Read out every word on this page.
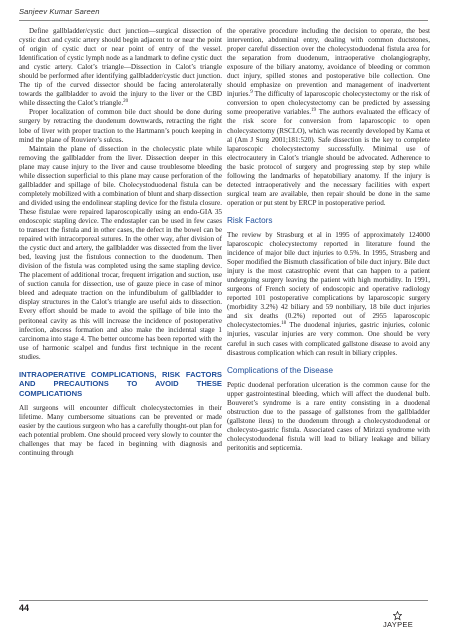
Sanjeev Kumar Sareen

Define gallbladder/cystic duct junction—surgical dissection of cystic duct and cystic artery should begin adjacent to or near the point of origin of cystic duct or near point of entry of the vessel. Identification of cystic lymph node as a landmark to define cystic duct and cystic artery. Calot’s triangle—Dissection in Calot’s triangle should be performed after identifying gallbladder/cystic duct junction. The tip of the curved dissector should be facing anterolaterally towards the gallbladder to avoid the injury to the liver or the CBD while dissecting the Calot’s triangle.$^{20}$

Proper localization of common bile duct should be done during surgery by retracting the duodenum downwards, retracting the right lobe of liver with proper traction to the Hartmann’s pouch keeping in mind the plane of Rouviere’s sulcus.

Maintain the plane of dissection in the cholecystic plate while removing the gallbladder from the liver. Dissection deeper in this plane may cause injury to the liver and cause troublesome bleeding while dissection superficial to this plane may cause perforation of the gallbladder and spillage of bile. Cholecystoduodenal fistula can be completely mobilized with a combination of blunt and sharp dissection and divided using the endolinear stapling device for the fistula closure. These fistulae were repaired laparoscopically using an endo-GIA 35 endoscopic stapling device. The endostapler can be used in few cases to transect the fistula and in other cases, the defect in the bowel can be repaired with intracorporeal sutures. In the other way, after division of the cystic duct and artery, the gallbladder was dissected from the liver bed, leaving just the fistulous connection to the duodenum. Then division of the fistula was completed using the same stapling device. The placement of additional trocar, frequent irrigation and suction, use of suction canula for dissection, use of gauze piece in case of minor bleed and adequate traction on the infundibulum of gallbladder to display structures in the Calot’s triangle are useful aids to dissection. Every effort should be made to avoid the spillage of bile into the peritoneal cavity as this will increase the incidence of postoperative infection, abscess formation and also make the incidental stage 1 carcinoma into stage 4. The better outcome has been reported with the use of harmonic scalpel and fundus first technique in the recent studies.

INTRAOPERATIVE COMPLICATIONS, RISK FACTORS AND PRECAUTIONS TO AVOID THESE COMPLICATIONS

All surgeons will encounter difficult cholecystectomies in their lifetime. Many cumbersome situations can be prevented or made easier by the cautious surgeon who has a carefully thought-out plan for each potential problem. One should proceed very slowly to counter the challenges that may be faced in beginning with diagnosis and continuing through

the operative procedure including the decision to operate, the best intervention, abdominal entry, dealing with common ductstones, proper careful dissection over the cholecystoduodenal fistula area for the separation from duodenum, intraoperative cholangiography, exposure of the biliary anatomy, avoidance of bleeding or common duct injury, spilled stones and postoperative bile collection. One should emphasize on prevention and management of inadvertent injuries.$^9$ The difficulty of laparoscopic cholecystectomy or the risk of conversion to open cholecystectomy can be predicted by assessing some preoperative variables.$^{19}$ The authors evaluated the efficacy of the risk score for conversion from laparoscopic to open cholecystectomy (RSCLO), which was recently developed by Kama et al (Am J Surg 2001;181:520). Safe dissection is the key to complete laparoscopic cholecystectomy successfully. Minimal use of electrocautery in Calot’s triangle should be advocated. Adherence to the basic protocol of surgery and progressing step by step while following the landmarks of hepatobiliary anatomy. If the injury is detected intraoperatively and the necessary facilities with expert surgical team are available, then repair should be done in the same operation or put stent by ERCP in postoperative period.

Risk Factors

The review by Strasburg et al in 1995 of approximately 124000 laparoscopic cholecystectomy reported in literature found the incidence of major bile duct injuries to 0.5%. In 1995, Strasberg and Soper modified the Bismuth classification of bile duct injury. Bile duct injury is the most catastrophic event that can happen to a patient undergoing surgery leaving the patient with high morbidity. In 1991, surgeons of French society of endoscopic and operative radiology reported 101 postoperative complications by laparoscopic surgery (morbidity 3.2%) 42 biliary and 59 nonbiliary, 18 bile duct injuries and six deaths (0.2%) reported out of 2955 laparoscopic cholecystectomies.$^{18}$ The duodenal injuries, gastric injuries, colonic injuries, vascular injuries are very common. One should be very careful in such cases with complicated gallstone disease to avoid any disastrous complication which can result in biliary cripples.

Complications of the Disease

Peptic duodenal perforation ulceration is the common cause for the upper gastrointestinal bleeding, which will affect the duodenal bulb. Bouveret’s syndrome is a rare entity consisting in a duodenal obstruction due to the passage of gallstones from the gallbladder (gallstone ileus) to the duodenum through a cholecystoduodenal or cholecysto-gastric fistula. Associated cases of Mirizzi syndrome with cholecystoduodenal fistula will lead to biliary leakage and biliary peritonitis and septicemia.

44
JAYPEE
